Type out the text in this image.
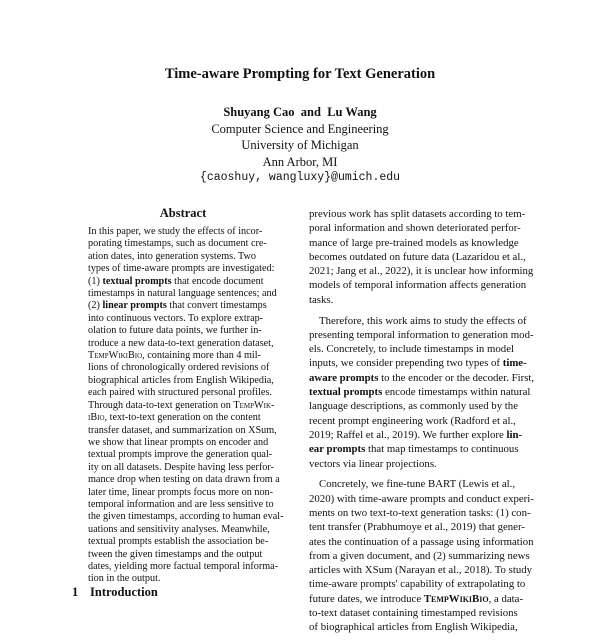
Time-aware Prompting for Text Generation
Shuyang Cao  and  Lu Wang
Computer Science and Engineering
University of Michigan
Ann Arbor, MI
{caoshuy, wangluxy}@umich.edu
Abstract
In this paper, we study the effects of incor-
porating timestamps, such as document cre-
ation dates, into generation systems. Two
types of time-aware prompts are investigated:
(1) textual prompts that encode document
timestamps in natural language sentences; and
(2) linear prompts that convert timestamps
into continuous vectors. To explore extrap-
olation to future data points, we further in-
troduce a new data-to-text generation dataset,
TempWikiBio, containing more than 4 mil-
lions of chronologically ordered revisions of
biographical articles from English Wikipedia,
each paired with structured personal profiles.
Through data-to-text generation on TempWik-
iBio, text-to-text generation on the content
transfer dataset, and summarization on XSum,
we show that linear prompts on encoder and
textual prompts improve the generation qual-
ity on all datasets. Despite having less perfor-
mance drop when testing on data drawn from a
later time, linear prompts focus more on non-
temporal information and are less sensitive to
the given timestamps, according to human eval-
uations and sensitivity analyses. Meanwhile,
textual prompts establish the association be-
tween the given timestamps and the output
dates, yielding more factual temporal informa-
tion in the output.
1 Introduction

previous work has split datasets according to tem-
poral information and shown deteriorated perfor-
mance of large pre-trained models as knowledge
becomes outdated on future data (Lazaridou et al.,
2021; Jang et al., 2022), it is unclear how informing
models of temporal information affects generation
tasks.

Therefore, this work aims to study the effects of
presenting temporal information to generation mod-
els. Concretely, to include timestamps in model
inputs, we consider prepending two types of time-
aware prompts to the encoder or the decoder. First,
textual prompts encode timestamps within natural
language descriptions, as commonly used by the
recent prompt engineering work (Radford et al.,
2019; Raffel et al., 2019). We further explore lin-
ear prompts that map timestamps to continuous
vectors via linear projections.

Concretely, we fine-tune BART (Lewis et al.,
2020) with time-aware prompts and conduct experi-
ments on two text-to-text generation tasks: (1) con-
tent transfer (Prabhumoye et al., 2019) that gener-
ates the continuation of a passage using information
from a given document, and (2) summarizing news
articles with XSum (Narayan et al., 2018). To study
time-aware prompts' capability of extrapolating to
future dates, we introduce TempWikiBio, a data-
to-text dataset containing timestamped revisions
of biographical articles from English Wikipedia,
